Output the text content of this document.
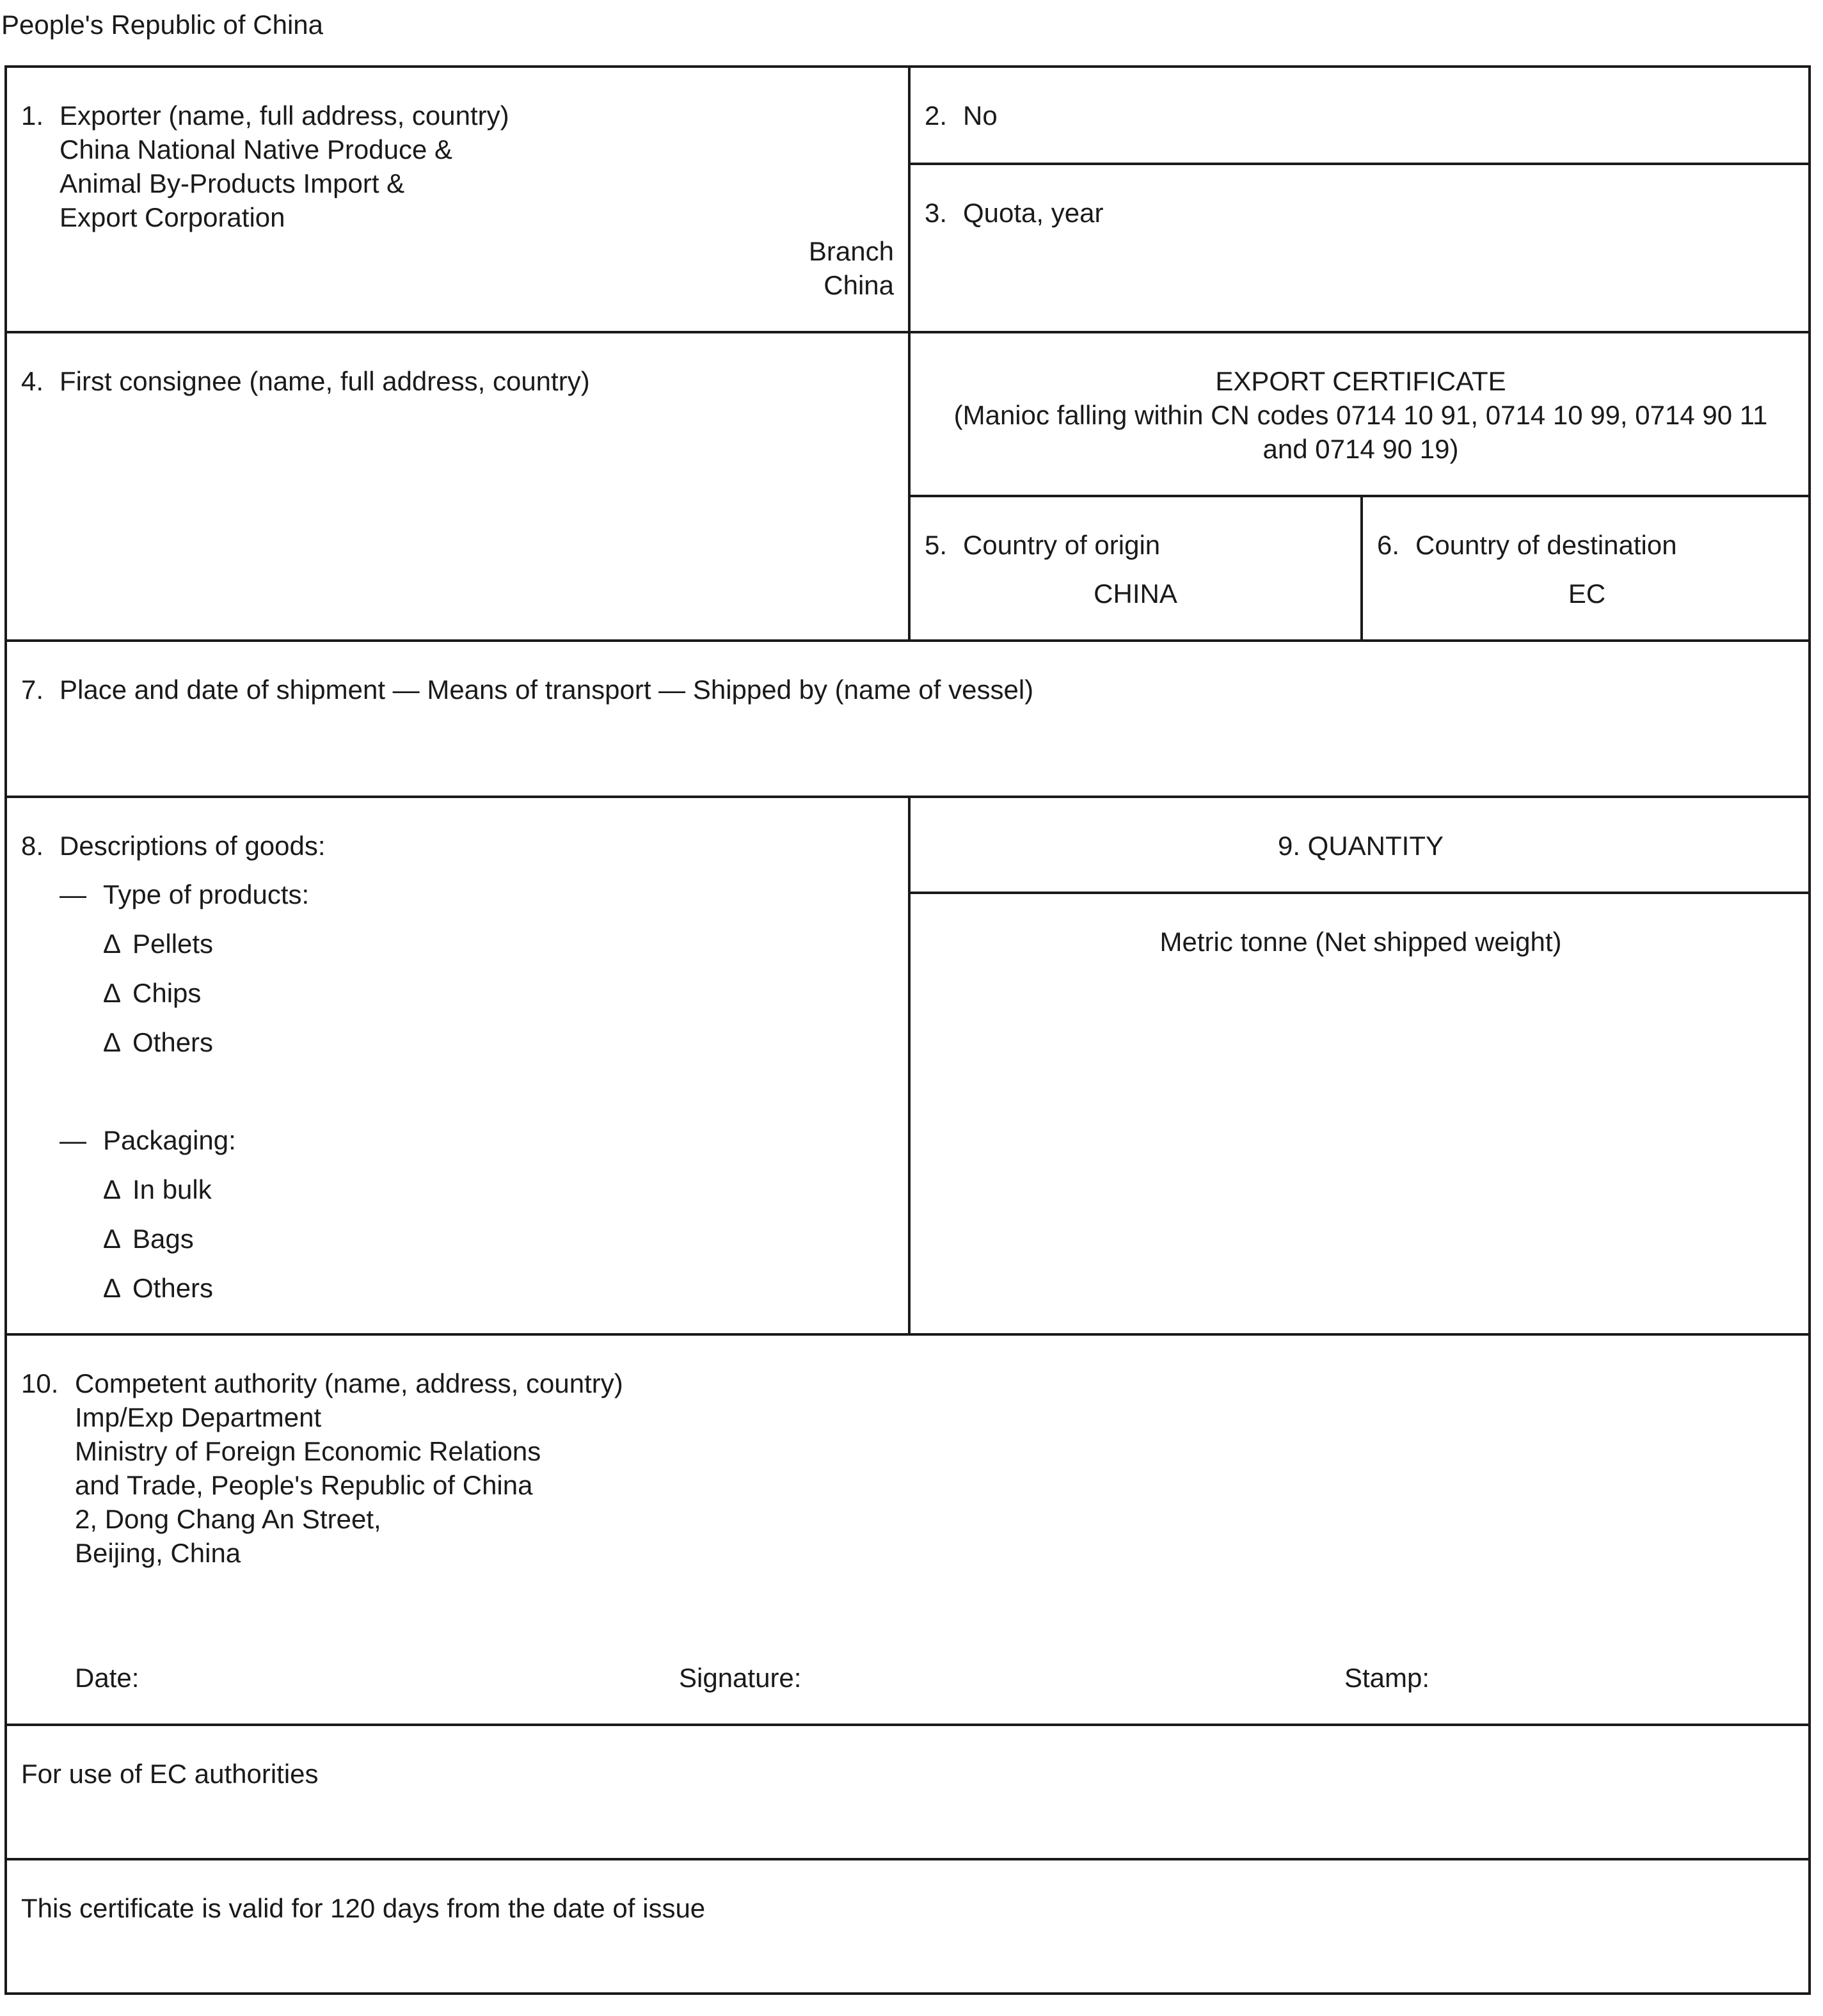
People's Republic of China
1. Exporter (name, full address, country)
China National Native Produce &
Animal By-Products Import &
Export Corporation
Branch
China
2. No
3. Quota, year
4. First consignee (name, full address, country)	EXPORT CERTIFICATE
(Manioc falling within CN codes 0714 10 91, 0714 10 99, 0714 90 11
and 0714 90 19)
5. Country of origin
CHINA
6. Country of destination
EC
7. Place and date of shipment — Means of transport — Shipped by (name of vessel)
8. Descriptions of goods:
— Type of products:
Δ Pellets
Δ Chips
Δ Others
— Packaging:
Δ In bulk
Δ Bags
Δ Others
9. QUANTITY
Metric tonne (Net shipped weight)
10. Competent authority (name, address, country)
Imp/Exp Department
Ministry of Foreign Economic Relations
and Trade, People's Republic of China
2, Dong Chang An Street,
Beijing, China
Date:	Signature:	Stamp:
For use of EC authorities
This certificate is valid for 120 days from the date of issue
